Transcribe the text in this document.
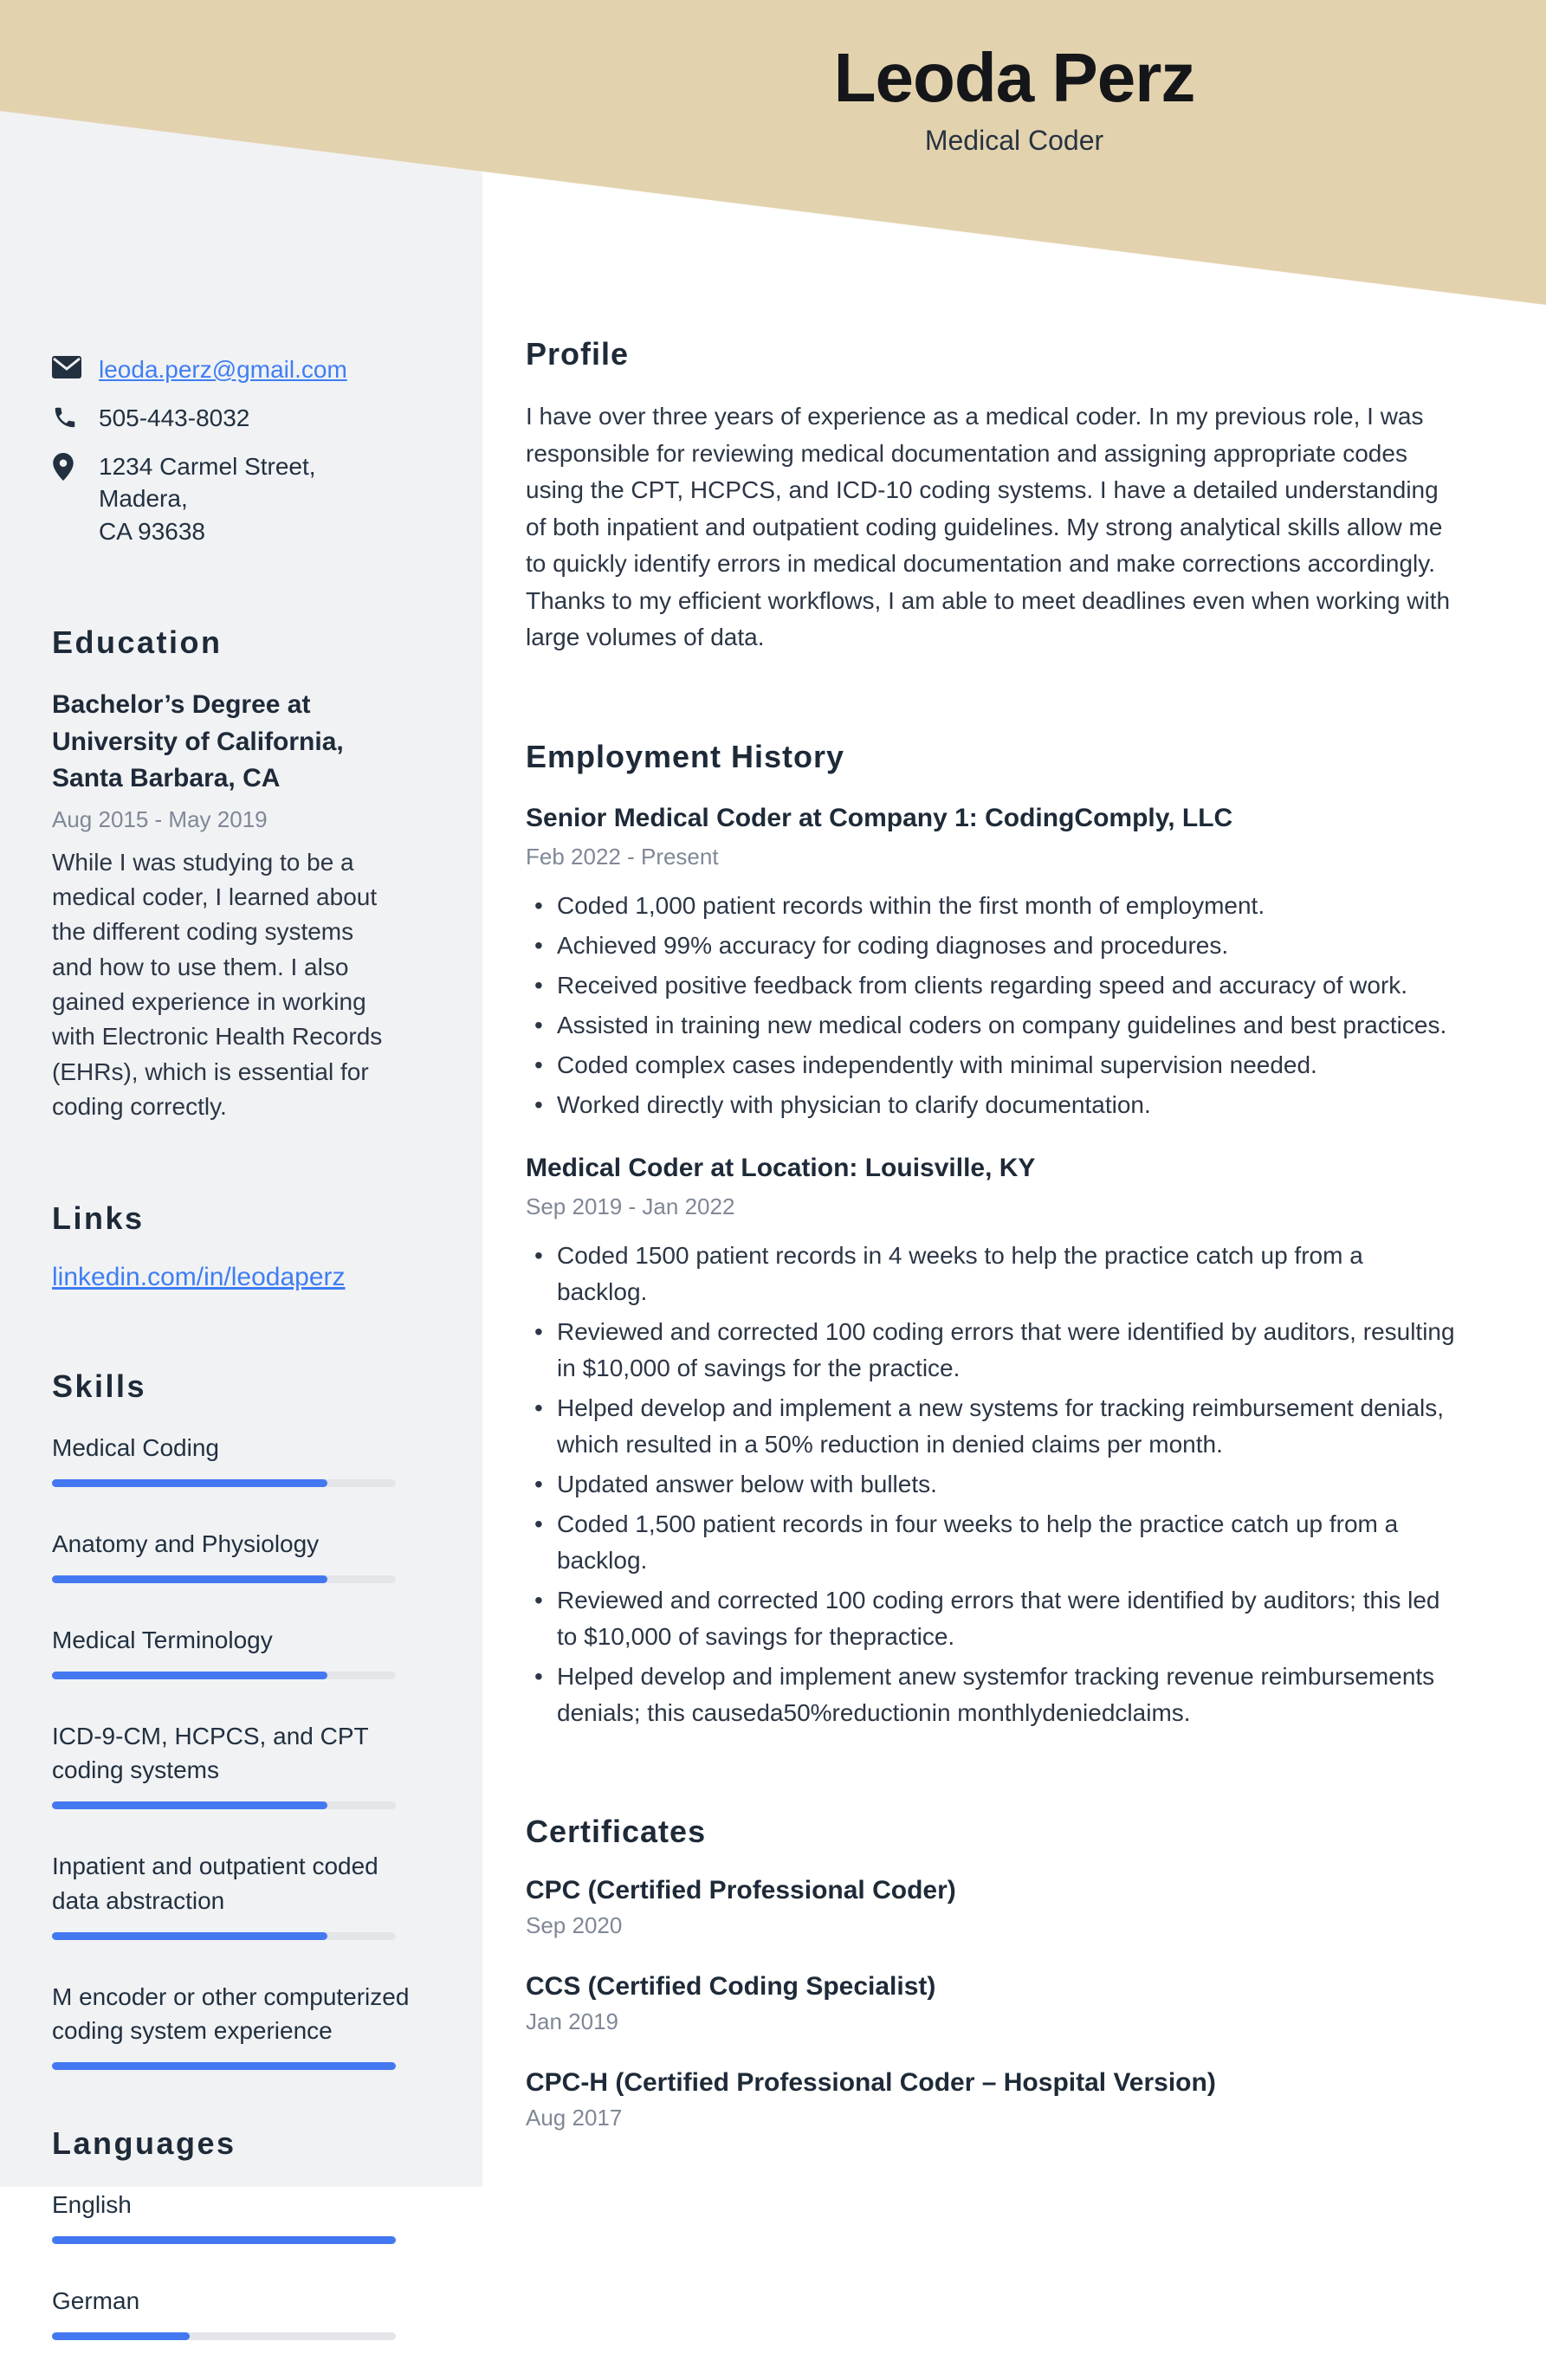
Leoda Perz
Medical Coder
leoda.perz@gmail.com
505-443-8032
1234 Carmel Street, Madera,
CA 93638
Education
Bachelor’s Degree at University of California, Santa Barbara, CA
Aug 2015 - May 2019
While I was studying to be a medical coder, I learned about the different coding systems and how to use them. I also gained experience in working with Electronic Health Records (EHRs), which is essential for coding correctly.
Links
linkedin.com/in/leodaperz
Skills
Medical Coding
Anatomy and Physiology
Medical Terminology
ICD-9-CM, HCPCS, and CPT coding systems
Inpatient and outpatient coded data abstraction
M encoder or other computerized coding system experience
Languages
English
German
Profile

I have over three years of experience as a medical coder. In my previous role, I was responsible for reviewing medical documentation and assigning appropriate codes using the CPT, HCPCS, and ICD-10 coding systems. I have a detailed understanding of both inpatient and outpatient coding guidelines. My strong analytical skills allow me to quickly identify errors in medical documentation and make corrections accordingly. Thanks to my efficient workflows, I am able to meet deadlines even when working with large volumes of data.

Employment History
Senior Medical Coder at Company 1: CodingComply, LLC
Feb 2022 - Present
• Coded 1,000 patient records within the first month of employment.
• Achieved 99% accuracy for coding diagnoses and procedures.
• Received positive feedback from clients regarding speed and accuracy of work.
• Assisted in training new medical coders on company guidelines and best practices.
• Coded complex cases independently with minimal supervision needed.
• Worked directly with physician to clarify documentation.
Medical Coder at Location: Louisville, KY
Sep 2019 - Jan 2022
• Coded 1500 patient records in 4 weeks to help the practice catch up from a backlog.
• Reviewed and corrected 100 coding errors that were identified by auditors, resulting in $10,000 of savings for the practice.
• Helped develop and implement a new systems for tracking reimbursement denials, which resulted in a 50% reduction in denied claims per month.
• Updated answer below with bullets.
• Coded 1,500 patient records in four weeks to help the practice catch up from a backlog.
• Reviewed and corrected 100 coding errors that were identified by auditors; this led to $10,000 of savings for thepractice.
• Helped develop and implement anew systemfor tracking revenue reimbursements denials; this causeda50%reductionin monthlydeniedclaims.
Certificates
CPC (Certified Professional Coder)
Sep 2020
CCS (Certified Coding Specialist)
Jan 2019
CPC-H (Certified Professional Coder – Hospital Version)
Aug 2017
